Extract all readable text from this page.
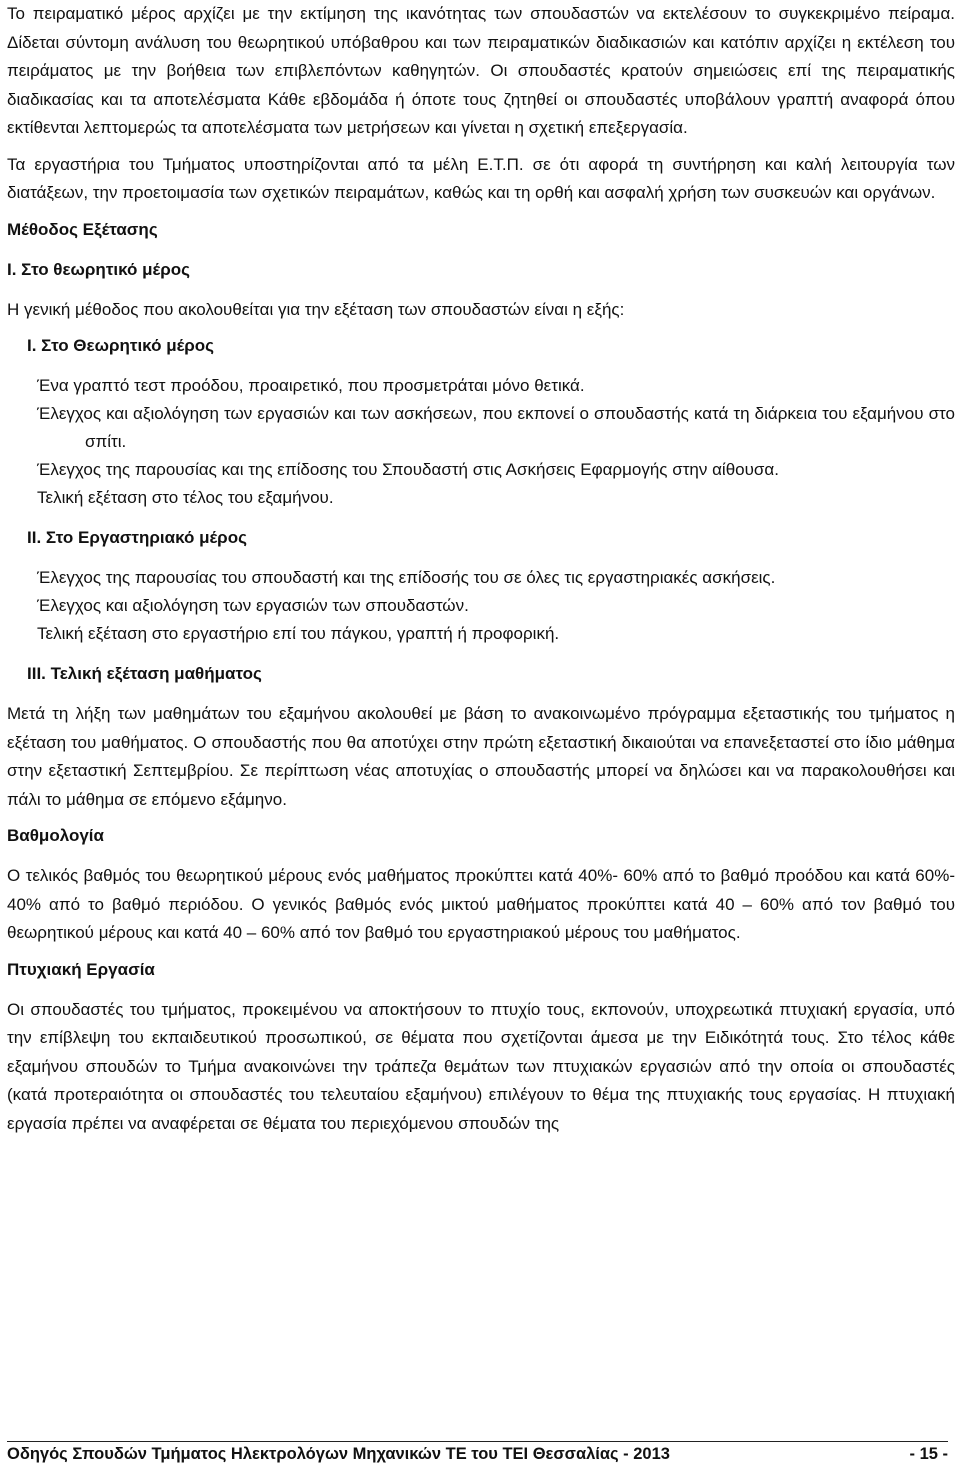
Το πειραματικό μέρος αρχίζει με την εκτίμηση της ικανότητας των σπουδαστών να εκτελέσουν το συγκεκριμένο πείραμα. Δίδεται σύντομη ανάλυση του θεωρητικού υπόβαθρου και των πειραματικών διαδικασιών και κατόπιν αρχίζει η εκτέλεση του πειράματος με την βοήθεια των επιβλεπόντων καθηγητών. Οι σπουδαστές κρατούν σημειώσεις επί της πειραματικής διαδικασίας και τα αποτελέσματα Κάθε εβδομάδα ή όποτε τους ζητηθεί οι σπουδαστές υποβάλουν γραπτή αναφορά όπου εκτίθενται λεπτομερώς τα αποτελέσματα των μετρήσεων και γίνεται η σχετική επεξεργασία.

Τα εργαστήρια του Τμήματος υποστηρίζονται από τα μέλη Ε.Τ.Π. σε ότι αφορά τη συντήρηση και καλή λειτουργία των διατάξεων, την προετοιμασία των σχετικών πειραμάτων, καθώς και τη ορθή και ασφαλή χρήση των συσκευών και οργάνων.

Μέθοδος Εξέτασης

Ι. Στο θεωρητικό μέρος

Η γενική μέθοδος που ακολουθείται για την εξέταση των σπουδαστών είναι η εξής:

Ι. Στο Θεωρητικό μέρος

Ένα γραπτό τεστ προόδου, προαιρετικό, που προσμετράται μόνο θετικά.
Έλεγχος και αξιολόγηση των εργασιών και των ασκήσεων, που εκπονεί ο σπουδαστής κατά τη διάρκεια του εξαμήνου στο σπίτι.
Έλεγχος της παρουσίας και της επίδοσης του Σπουδαστή στις Ασκήσεις Εφαρμογής στην αίθουσα.
Τελική εξέταση στο τέλος του εξαμήνου.

ΙΙ. Στο Εργαστηριακό μέρος

Έλεγχος της παρουσίας του σπουδαστή και της επίδοσής του σε όλες τις εργαστηριακές ασκήσεις.
Έλεγχος και αξιολόγηση των εργασιών των σπουδαστών.
Τελική εξέταση στο εργαστήριο επί του πάγκου, γραπτή ή προφορική.

ΙΙΙ. Τελική εξέταση μαθήματος

Μετά τη λήξη των μαθημάτων του εξαμήνου ακολουθεί με βάση το ανακοινωμένο πρόγραμμα εξεταστικής του τμήματος η εξέταση του μαθήματος. Ο σπουδαστής που θα αποτύχει στην πρώτη εξεταστική δικαιούται να επανεξεταστεί στο ίδιο μάθημα στην εξεταστική Σεπτεμβρίου. Σε περίπτωση νέας αποτυχίας ο σπουδαστής μπορεί να δηλώσει και να παρακολουθήσει και πάλι το μάθημα σε επόμενο εξάμηνο.

Βαθμολογία

Ο τελικός βαθμός του θεωρητικού μέρους ενός μαθήματος προκύπτει κατά 40%- 60% από το βαθμό προόδου και κατά 60%- 40% από το βαθμό περιόδου. Ο γενικός βαθμός ενός μικτού μαθήματος προκύπτει κατά 40 – 60% από τον βαθμό του θεωρητικού μέρους και κατά 40 – 60% από τον βαθμό του εργαστηριακού μέρους του μαθήματος.

Πτυχιακή Εργασία

Οι σπουδαστές του τμήματος, προκειμένου να αποκτήσουν το πτυχίο τους, εκπονούν, υποχρεωτικά πτυχιακή εργασία, υπό την επίβλεψη του εκπαιδευτικού προσωπικού, σε θέματα που σχετίζονται άμεσα με την Ειδικότητά τους. Στο τέλος κάθε εξαμήνου σπουδών το Τμήμα ανακοινώνει την τράπεζα θεμάτων των πτυχιακών εργασιών από την οποία οι σπουδαστές (κατά προτεραιότητα οι σπουδαστές του τελευταίου εξαμήνου) επιλέγουν το θέμα της πτυχιακής τους εργασίας. Η πτυχιακή εργασία πρέπει να αναφέρεται σε θέματα του περιεχόμενου σπουδών της

Οδηγός Σπουδών Τμήματος Ηλεκτρολόγων Μηχανικών ΤΕ του ΤΕΙ Θεσσαλίας - 2013	- 15 -
